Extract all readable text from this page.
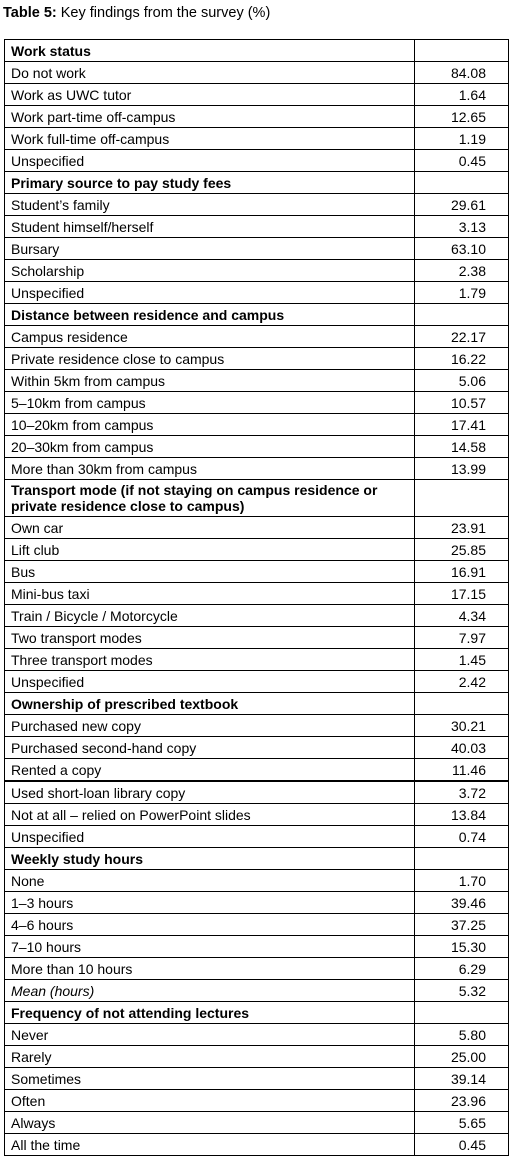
Table 5: Key findings from the survey (%)
Work status	
Do not work	84.08
Work as UWC tutor	1.64
Work part-time off-campus	12.65
Work full-time off-campus	1.19
Unspecified	0.45
Primary source to pay study fees	
Student’s family	29.61
Student himself/herself	3.13
Bursary	63.10
Scholarship	2.38
Unspecified	1.79
Distance between residence and campus	
Campus residence	22.17
Private residence close to campus	16.22
Within 5km from campus	5.06
5–10km from campus	10.57
10–20km from campus	17.41
20–30km from campus	14.58
More than 30km from campus	13.99
Transport mode (if not staying on campus residence or private residence close to campus)	
Own car	23.91
Lift club	25.85
Bus	16.91
Mini-bus taxi	17.15
Train / Bicycle / Motorcycle	4.34
Two transport modes	7.97
Three transport modes	1.45
Unspecified	2.42
Ownership of prescribed textbook	
Purchased new copy	30.21
Purchased second-hand copy	40.03
Rented a copy	11.46
Used short-loan library copy	3.72
Not at all – relied on PowerPoint slides	13.84
Unspecified	0.74
Weekly study hours	
None	1.70
1–3 hours	39.46
4–6 hours	37.25
7–10 hours	15.30
More than 10 hours	6.29
Mean (hours)	5.32
Frequency of not attending lectures	
Never	5.80
Rarely	25.00
Sometimes	39.14
Often	23.96
Always	5.65
All the time	0.45
